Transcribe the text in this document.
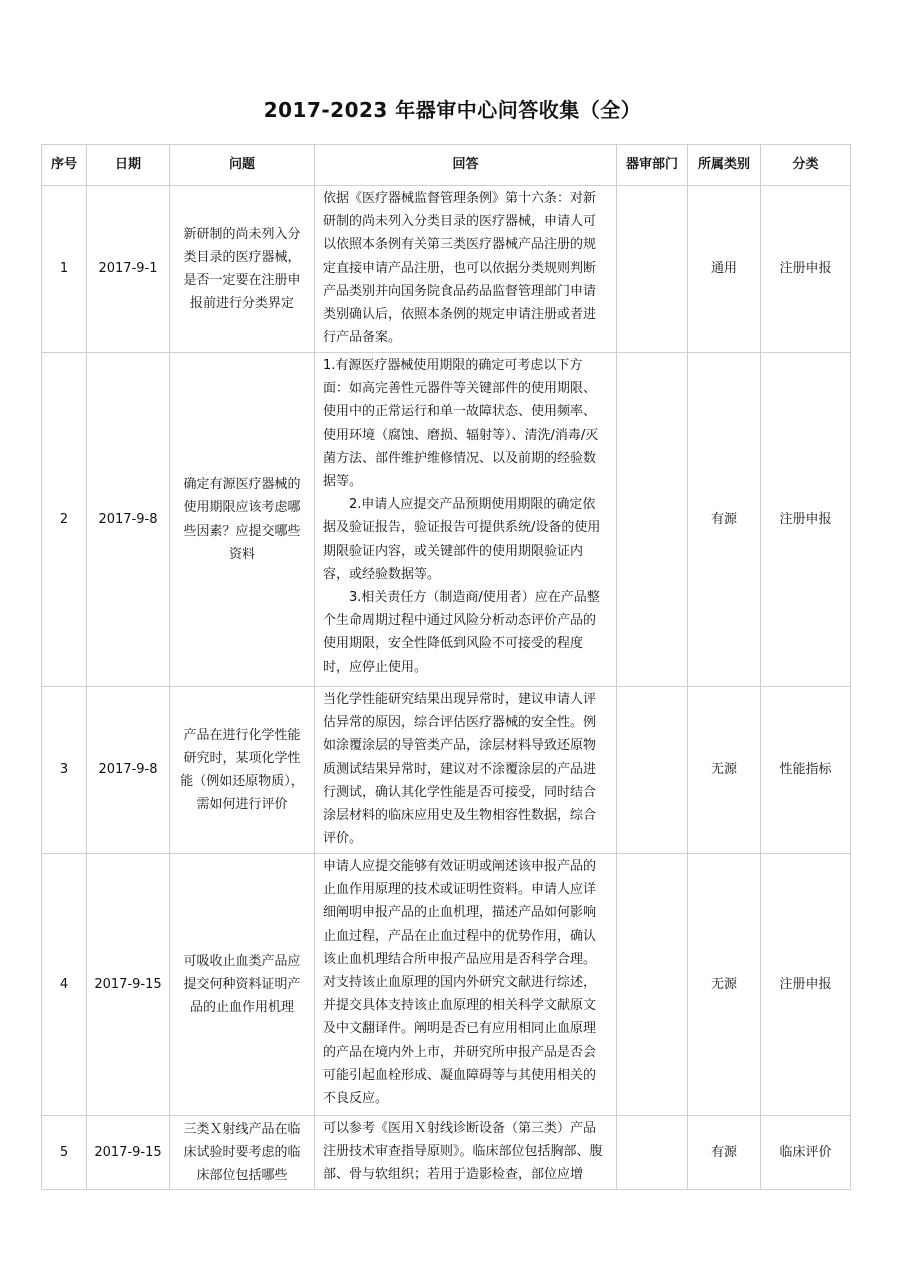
2017-2023 年器审中心问答收集（全）
序号	日期	问题	回答	器审部门	所属类别	分类
1	2017-9-1	新研制的尚未列入分类目录的医疗器械，是否一定要在注册申报前进行分类界定	依据《医疗器械监督管理条例》第十六条：对新研制的尚未列入分类目录的医疗器械，申请人可以依照本条例有关第三类医疗器械产品注册的规定直接申请产品注册，也可以依据分类规则判断产品类别并向国务院食品药品监督管理部门申请类别确认后，依照本条例的规定申请注册或者进行产品备案。		通用	注册申报
2	2017-9-8	确定有源医疗器械的使用期限应该考虑哪些因素？应提交哪些资料	1.有源医疗器械使用期限的确定可考虑以下方面：如高完善性元器件等关键部件的使用期限、使用中的正常运行和单一故障状态、使用频率、使用环境（腐蚀、磨损、辐射等）、清洗/消毒/灭菌方法、部件维护维修情况、以及前期的经验数据等。

2.申请人应提交产品预期使用期限的确定依据及验证报告，验证报告可提供系统/设备的使用期限验证内容，或关键部件的使用期限验证内容，或经验数据等。

3.相关责任方（制造商/使用者）应在产品整个生命周期过程中通过风险分析动态评价产品的使用期限，安全性降低到风险不可接受的程度时，应停止使用。		有源	注册申报
3	2017-9-8	产品在进行化学性能研究时，某项化学性能（例如还原物质），需如何进行评价	当化学性能研究结果出现异常时，建议申请人评估异常的原因，综合评估医疗器械的安全性。例如涂覆涂层的导管类产品，涂层材料导致还原物质测试结果异常时，建议对不涂覆涂层的产品进行测试，确认其化学性能是否可接受，同时结合涂层材料的临床应用史及生物相容性数据，综合评价。		无源	性能指标
4	2017-9-15	可吸收止血类产品应提交何种资料证明产品的止血作用机理	申请人应提交能够有效证明或阐述该申报产品的止血作用原理的技术或证明性资料。申请人应详细阐明申报产品的止血机理，描述产品如何影响止血过程，产品在止血过程中的优势作用，确认该止血机理结合所申报产品应用是否科学合理。对支持该止血原理的国内外研究文献进行综述，并提交具体支持该止血原理的相关科学文献原文及中文翻译件。阐明是否已有应用相同止血原理的产品在境内外上市，并研究所申报产品是否会可能引起血栓形成、凝血障碍等与其使用相关的不良反应。		无源	注册申报
5	2017-9-15	三类Ｘ射线产品在临床试验时要考虑的临床部位包括哪些	可以参考《医用Ｘ射线诊断设备（第三类）产品注册技术审查指导原则》。临床部位包括胸部、腹部、骨与软组织；若用于造影检查，部位应增		有源	临床评价
